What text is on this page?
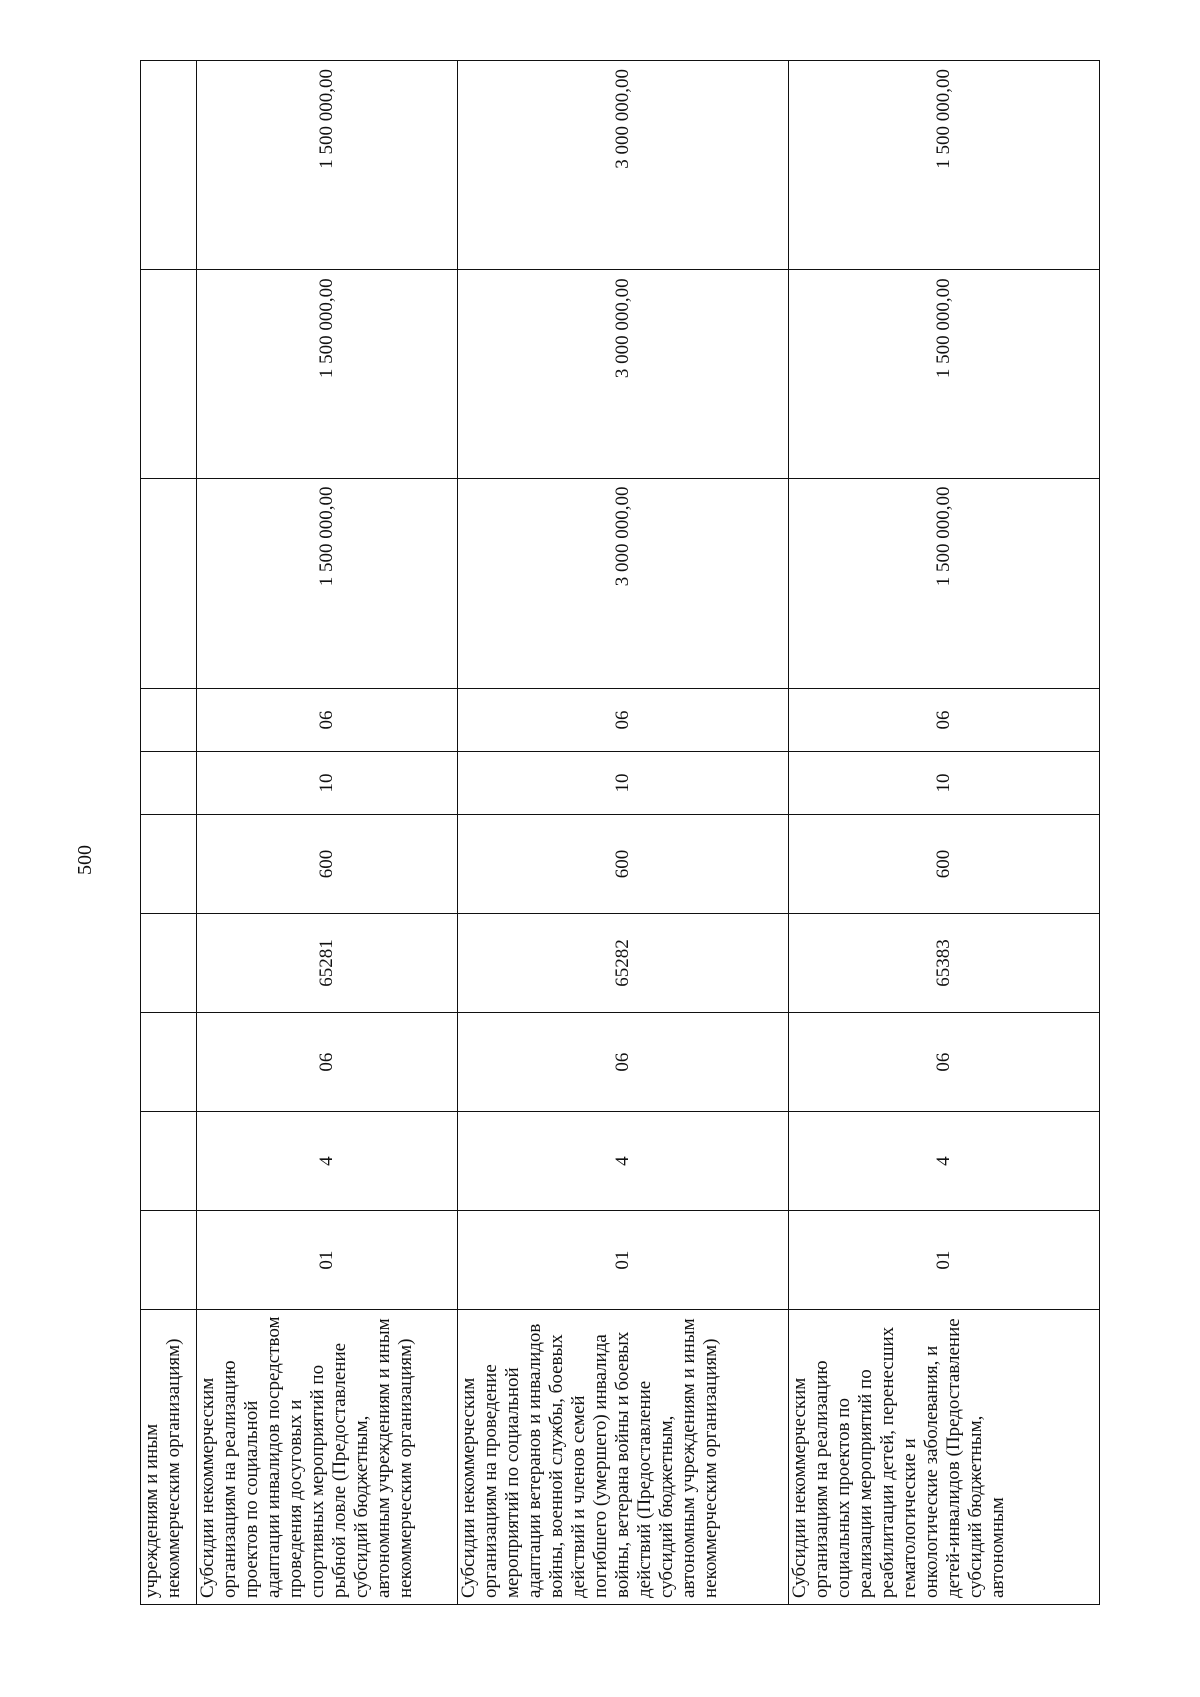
500
учреждениям и иным некоммерческим организациям)										
Субсидии некоммерческим организациям на реализацию проектов по социальной адаптации инвалидов посредством проведения досуговых и спортивных мероприятий по рыбной ловле (Предоставление субсидий бюджетным, автономным учреждениям и иным некоммерческим организациям)	01	4	06	65281	600	10	06	1 500 000,00	1 500 000,00	1 500 000,00
Субсидии некоммерческим организациям на проведение мероприятий по социальной адаптации ветеранов и инвалидов войны, военной службы, боевых действий и членов семей погибшего (умершего) инвалида войны, ветерана войны и боевых действий (Предоставление субсидий бюджетным, автономным учреждениям и иным некоммерческим организациям)	01	4	06	65282	600	10	06	3 000 000,00	3 000 000,00	3 000 000,00
Субсидии некоммерческим организациям на реализацию социальных проектов по реализации мероприятий по реабилитации детей, перенесших гематологические и онкологические заболевания, и детей-инвалидов (Предоставление субсидий бюджетным, автономным	01	4	06	65383	600	10	06	1 500 000,00	1 500 000,00	1 500 000,00
